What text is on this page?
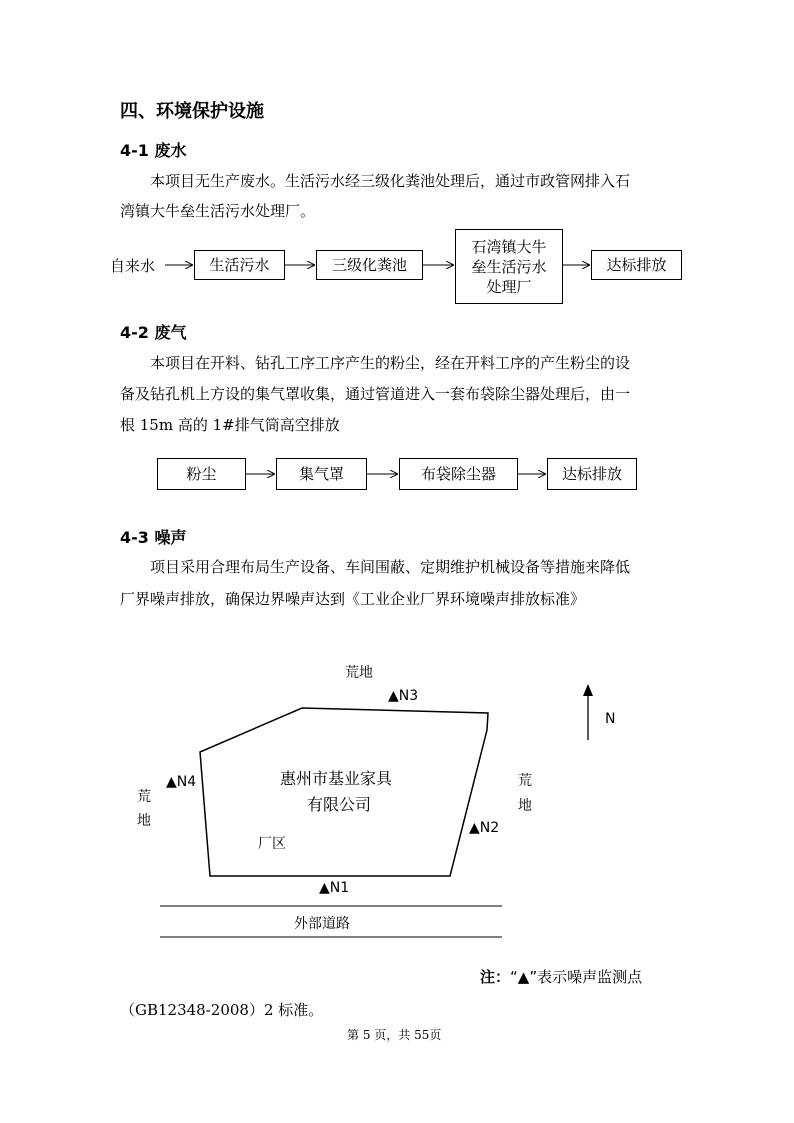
四、环境保护设施
4-1 废水
本项目无生产废水。生活污水经三级化粪池处理后，通过市政管网排入石
湾镇大牛垒生活污水处理厂。
自来水	生活污水	三级化粪池
石湾镇大牛
垒生活污水
处理厂
达标排放
4-2 废气
本项目在开料、钻孔工序工序产生的粉尘，经在开料工序的产生粉尘的设
备及钻孔机上方设的集气罩收集，通过管道进入一套布袋除尘器处理后，由一
根 15m 高的 1#排气筒高空排放
粉尘	集气罩	布袋除尘器	达标排放
4-3 噪声
项目采用合理布局生产设备、车间围蔽、定期维护机械设备等措施来降低
厂界噪声排放，确保边界噪声达到《工业企业厂界环境噪声排放标准》
荒地
▲N3
N
荒
地
▲N4	荒
地
▲N2
惠州市基业家具
有限公司
厂区
▲N1
外部道路
注：“▲”表示噪声监测点
（GB12348-2008）2 标准。
第 5 页，共 55页
